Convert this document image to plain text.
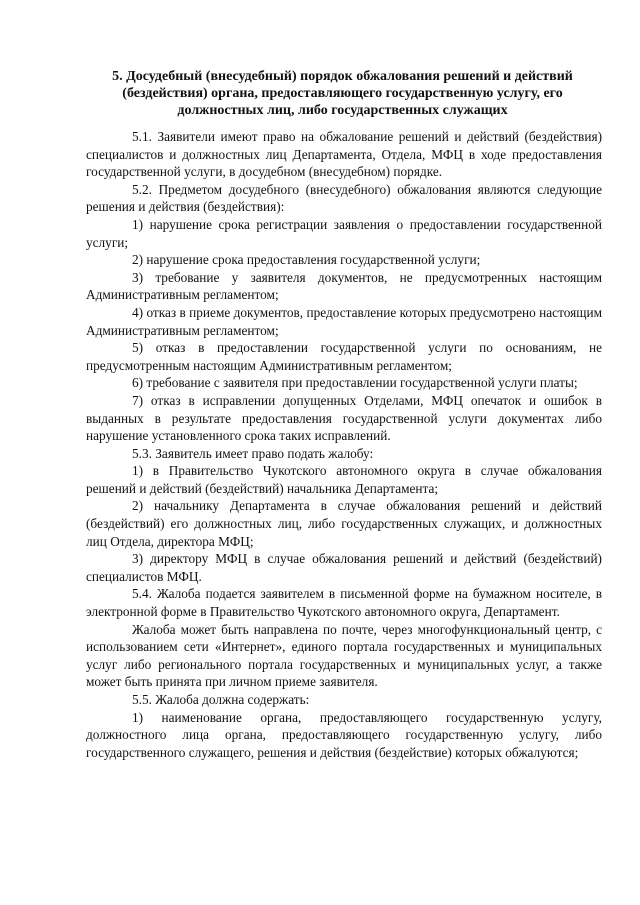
5. Досудебный (внесудебный) порядок обжалования решений и действий (бездействия) органа, предоставляющего государственную услугу, его должностных лиц, либо государственных служащих

5.1. Заявители имеют право на обжалование решений и действий (бездействия) специалистов и должностных лиц Департамента, Отдела, МФЦ в ходе предоставления государственной услуги, в досудебном (внесудебном) порядке.

5.2. Предметом досудебного (внесудебного) обжалования являются следующие решения и действия (бездействия):

1) нарушение срока регистрации заявления о предоставлении государственной услуги;

2) нарушение срока предоставления государственной услуги;

3) требование у заявителя документов, не предусмотренных настоящим Административным регламентом;

4) отказ в приеме документов, предоставление которых предусмотрено настоящим Административным регламентом;

5) отказ в предоставлении государственной услуги по основаниям, не предусмотренным настоящим Административным регламентом;

6) требование с заявителя при предоставлении государственной услуги платы;

7) отказ в исправлении допущенных Отделами, МФЦ опечаток и ошибок в выданных в результате предоставления государственной услуги документах либо нарушение установленного срока таких исправлений.

5.3. Заявитель имеет право подать жалобу:

1) в Правительство Чукотского автономного округа в случае обжалования решений и действий (бездействий) начальника Департамента;

2) начальнику Департамента в случае обжалования решений и действий (бездействий) его должностных лиц, либо государственных служащих, и должностных лиц Отдела, директора МФЦ;

3) директору МФЦ в случае обжалования решений и действий (бездействий) специалистов МФЦ.

5.4. Жалоба подается заявителем в письменной форме на бумажном носителе, в электронной форме в Правительство Чукотского автономного округа, Департамент.

Жалоба может быть направлена по почте, через многофункциональный центр, с использованием сети «Интернет», единого портала государственных и муниципальных услуг либо регионального портала государственных и муниципальных услуг, а также может быть принята при личном приеме заявителя.

5.5. Жалоба должна содержать:

1) наименование органа, предоставляющего государственную услугу, должностного лица органа, предоставляющего государственную услугу, либо государственного служащего, решения и действия (бездействие) которых обжалуются;
